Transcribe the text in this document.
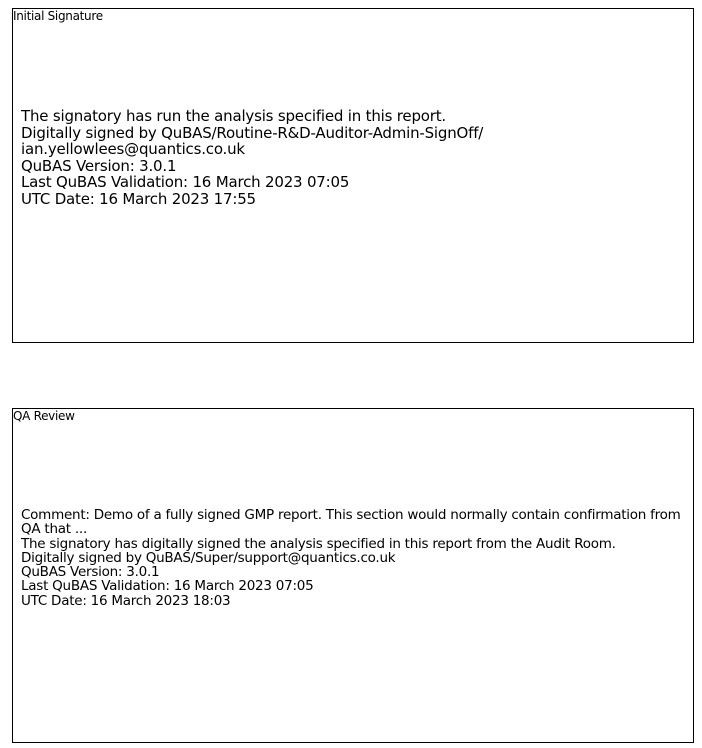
Initial Signature
The signatory has run the analysis specified in this report.
Digitally signed by QuBAS/Routine-R&D-Auditor-Admin-SignOff/
ian.yellowlees@quantics.co.uk
QuBAS Version: 3.0.1
Last QuBAS Validation: 16 March 2023 07:05
UTC Date: 16 March 2023 17:55
QA Review
Comment: Demo of a fully signed GMP report. This section would normally contain confirmation from QA that ...
The signatory has digitally signed the analysis specified in this report from the Audit Room.
Digitally signed by QuBAS/Super/support@quantics.co.uk
QuBAS Version: 3.0.1
Last QuBAS Validation: 16 March 2023 07:05
UTC Date: 16 March 2023 18:03
